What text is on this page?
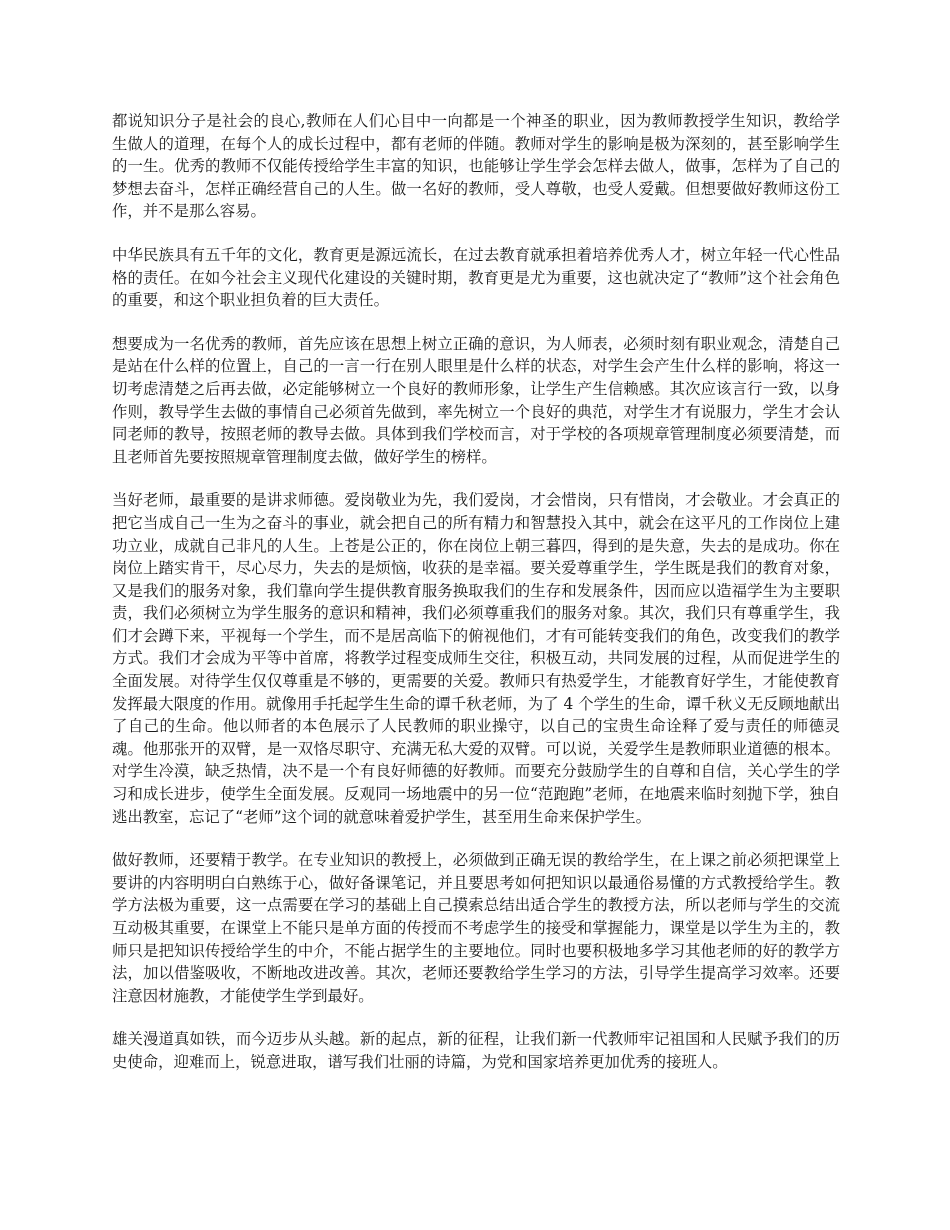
都说知识分子是社会的良心,教师在人们心目中一向都是一个神圣的职业，因为教师教授学生知识，教给学生做人的道理，在每个人的成长过程中，都有老师的伴随。教师对学生的影响是极为深刻的，甚至影响学生的一生。优秀的教师不仅能传授给学生丰富的知识，也能够让学生学会怎样去做人，做事，怎样为了自己的梦想去奋斗，怎样正确经营自己的人生。做一名好的教师，受人尊敬，也受人爱戴。但想要做好教师这份工作，并不是那么容易。

中华民族具有五千年的文化，教育更是源远流长，在过去教育就承担着培养优秀人才，树立年轻一代心性品格的责任。在如今社会主义现代化建设的关键时期，教育更是尤为重要，这也就决定了“教师”这个社会角色的重要，和这个职业担负着的巨大责任。

想要成为一名优秀的教师，首先应该在思想上树立正确的意识，为人师表，必须时刻有职业观念，清楚自己是站在什么样的位置上，自己的一言一行在别人眼里是什么样的状态，对学生会产生什么样的影响，将这一切考虑清楚之后再去做，必定能够树立一个良好的教师形象，让学生产生信赖感。其次应该言行一致，以身作则，教导学生去做的事情自己必须首先做到，率先树立一个良好的典范，对学生才有说服力，学生才会认同老师的教导，按照老师的教导去做。具体到我们学校而言，对于学校的各项规章管理制度必须要清楚，而且老师首先要按照规章管理制度去做，做好学生的榜样。

当好老师，最重要的是讲求师德。爱岗敬业为先，我们爱岗，才会惜岗，只有惜岗，才会敬业。才会真正的把它当成自己一生为之奋斗的事业，就会把自己的所有精力和智慧投入其中，就会在这平凡的工作岗位上建功立业，成就自己非凡的人生。上苍是公正的，你在岗位上朝三暮四，得到的是失意，失去的是成功。你在岗位上踏实肯干，尽心尽力，失去的是烦恼，收获的是幸福。要关爱尊重学生，学生既是我们的教育对象，又是我们的服务对象，我们靠向学生提供教育服务换取我们的生存和发展条件，因而应以造福学生为主要职责，我们必须树立为学生服务的意识和精神，我们必须尊重我们的服务对象。其次，我们只有尊重学生，我们才会蹲下来，平视每一个学生，而不是居高临下的俯视他们，才有可能转变我们的角色，改变我们的教学方式。我们才会成为平等中首席，将教学过程变成师生交往，积极互动，共同发展的过程，从而促进学生的全面发展。对待学生仅仅尊重是不够的，更需要的关爱。教师只有热爱学生，才能教育好学生，才能使教育发挥最大限度的作用。就像用手托起学生生命的谭千秋老师，为了 4 个学生的生命，谭千秋义无反顾地献出了自己的生命。他以师者的本色展示了人民教师的职业操守，以自己的宝贵生命诠释了爱与责任的师德灵魂。他那张开的双臂，是一双恪尽职守、充满无私大爱的双臂。可以说，关爱学生是教师职业道德的根本。对学生冷漠，缺乏热情，决不是一个有良好师德的好教师。而要充分鼓励学生的自尊和自信，关心学生的学习和成长进步，使学生全面发展。反观同一场地震中的另一位“范跑跑”老师，在地震来临时刻抛下学，独自逃出教室，忘记了“老师”这个词的就意味着爱护学生，甚至用生命来保护学生。

做好教师，还要精于教学。在专业知识的教授上，必须做到正确无误的教给学生，在上课之前必须把课堂上要讲的内容明明白白熟练于心，做好备课笔记，并且要思考如何把知识以最通俗易懂的方式教授给学生。教学方法极为重要，这一点需要在学习的基础上自己摸索总结出适合学生的教授方法，所以老师与学生的交流互动极其重要，在课堂上不能只是单方面的传授而不考虑学生的接受和掌握能力，课堂是以学生为主的，教师只是把知识传授给学生的中介，不能占据学生的主要地位。同时也要积极地多学习其他老师的好的教学方法，加以借鉴吸收，不断地改进改善。其次，老师还要教给学生学习的方法，引导学生提高学习效率。还要注意因材施教，才能使学生学到最好。

雄关漫道真如铁，而今迈步从头越。新的起点，新的征程，让我们新一代教师牢记祖国和人民赋予我们的历史使命，迎难而上，锐意进取，谱写我们壮丽的诗篇，为党和国家培养更加优秀的接班人。
